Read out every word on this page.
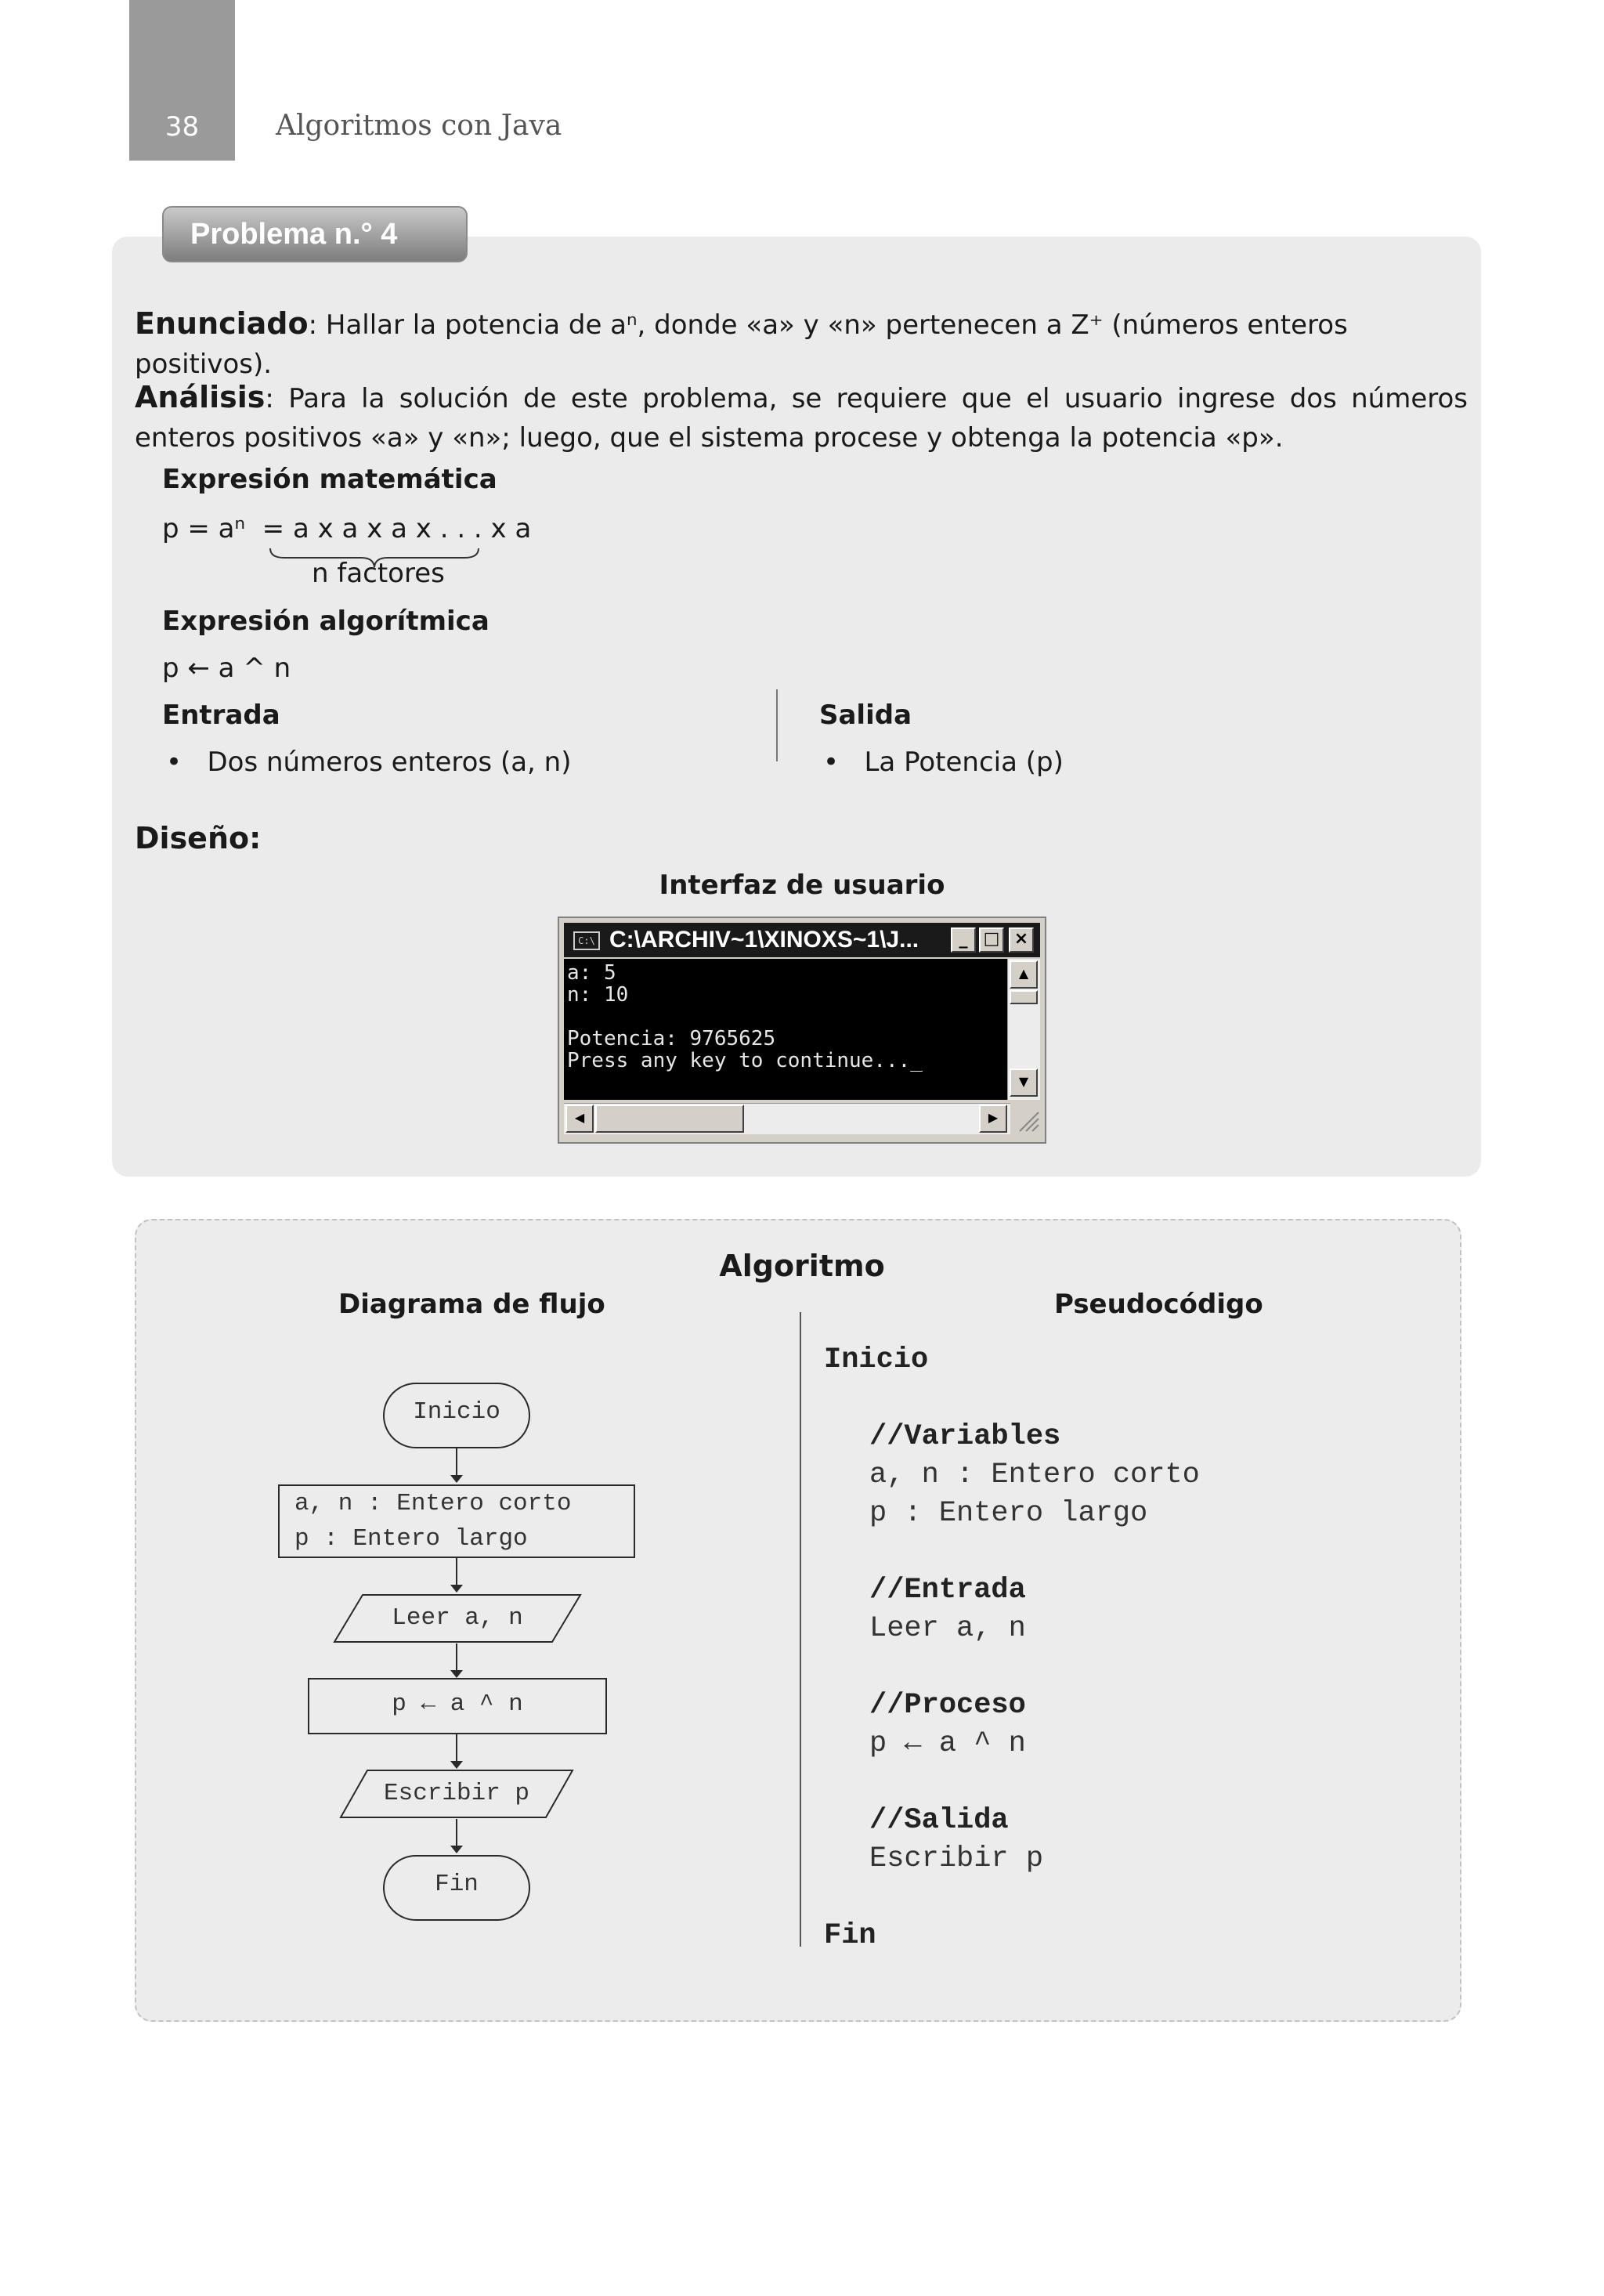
38	Algoritmos con Java
Problema n.° 4
Enunciado: Hallar la potencia de aⁿ, donde «a» y «n» pertenecen a Z⁺ (números enteros positivos).
Análisis: Para la solución de este problema, se requiere que el usuario ingrese dos números enteros positivos «a» y «n»; luego, que el sistema procese y obtenga la potencia «p».
Expresión matemática
p = aⁿ  = a x a x a x . . . x a
n factores
Expresión algorítmica
p ← a ^ n
Entrada
•   Dos números enteros (a, n)
Salida
•   La Potencia (p)
Diseño:
Interfaz de usuario
C:\ C:\ARCHIV~1\XINOXS~1\J...	_ □ ×
a: 5
n: 10
Potencia: 9765625
Press any key to continue..._
▲
▼
◀	▶
Algoritmo
Diagrama de flujo	Pseudocódigo
Inicio
a, n : Entero corto
p : Entero largo
Leer a, n
p ← a ^ n
Escribir p
Fin
Inicio
//Variables
a, n : Entero corto
p : Entero largo
//Entrada
Leer a, n
//Proceso
p ← a ^ n
//Salida
Escribir p
Fin
